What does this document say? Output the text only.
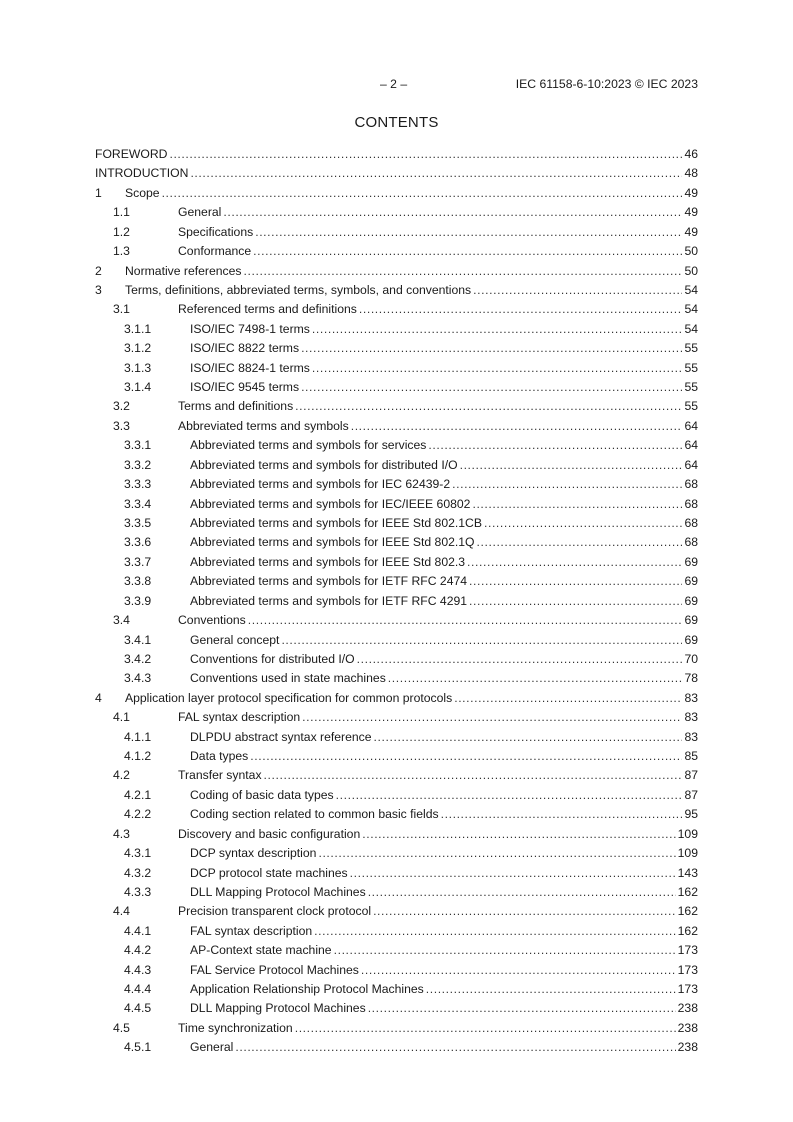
– 2 –	IEC 61158-6-10:2023 © IEC 2023
CONTENTS
FOREWORD .....	46
INTRODUCTION .....	48
1	Scope .....	49
1.1	General .....	49
1.2	Specifications .....	49
1.3	Conformance .....	50
2	Normative references .....	50
3	Terms, definitions, abbreviated terms, symbols, and conventions .....	54
3.1	Referenced terms and definitions .....	54
3.1.1	ISO/IEC 7498-1 terms .....	54
3.1.2	ISO/IEC 8822 terms .....	55
3.1.3	ISO/IEC 8824-1 terms .....	55
3.1.4	ISO/IEC 9545 terms .....	55
3.2	Terms and definitions .....	55
3.3	Abbreviated terms and symbols .....	64
3.3.1	Abbreviated terms and symbols for services .....	64
3.3.2	Abbreviated terms and symbols for distributed I/O .....	64
3.3.3	Abbreviated terms and symbols for IEC 62439-2 .....	68
3.3.4	Abbreviated terms and symbols for IEC/IEEE 60802 .....	68
3.3.5	Abbreviated terms and symbols for IEEE Std 802.1CB .....	68
3.3.6	Abbreviated terms and symbols for IEEE Std 802.1Q .....	68
3.3.7	Abbreviated terms and symbols for IEEE Std 802.3 .....	69
3.3.8	Abbreviated terms and symbols for IETF RFC 2474 .....	69
3.3.9	Abbreviated terms and symbols for IETF RFC 4291 .....	69
3.4	Conventions .....	69
3.4.1	General concept .....	69
3.4.2	Conventions for distributed I/O .....	70
3.4.3	Conventions used in state machines .....	78
4	Application layer protocol specification for common protocols .....	83
4.1	FAL syntax description .....	83
4.1.1	DLPDU abstract syntax reference .....	83
4.1.2	Data types .....	85
4.2	Transfer syntax .....	87
4.2.1	Coding of basic data types .....	87
4.2.2	Coding section related to common basic fields .....	95
4.3	Discovery and basic configuration .....	109
4.3.1	DCP syntax description .....	109
4.3.2	DCP protocol state machines .....	143
4.3.3	DLL Mapping Protocol Machines .....	162
4.4	Precision transparent clock protocol .....	162
4.4.1	FAL syntax description .....	162
4.4.2	AP-Context state machine .....	173
4.4.3	FAL Service Protocol Machines .....	173
4.4.4	Application Relationship Protocol Machines .....	173
4.4.5	DLL Mapping Protocol Machines .....	238
4.5	Time synchronization .....	238
4.5.1	General .....	238
